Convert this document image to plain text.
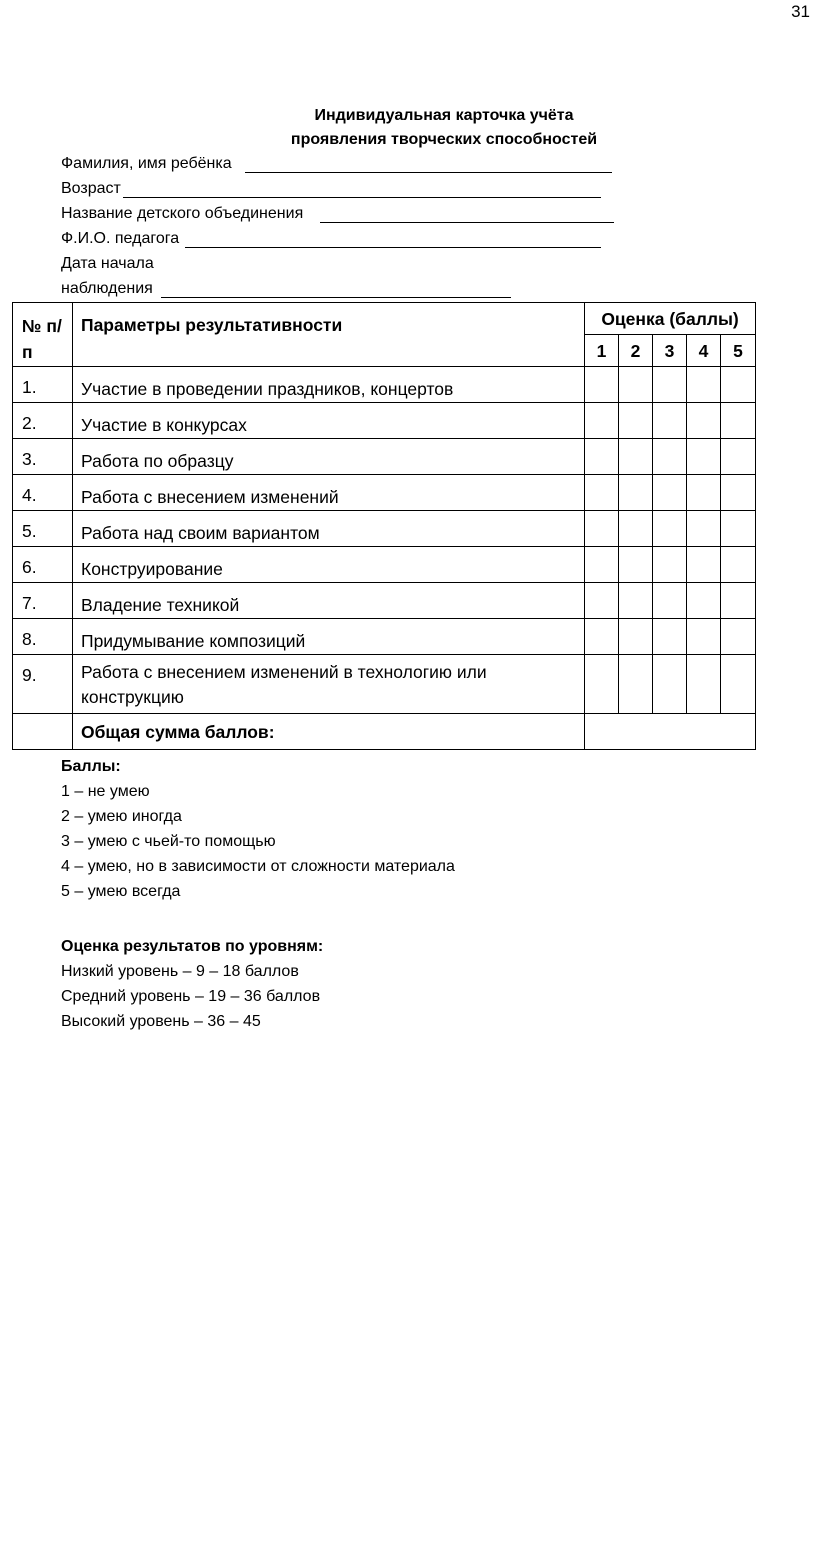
31
Индивидуальная карточка учёта
проявления творческих способностей
Фамилия, имя ребёнка
Возраст
Название детского объединения
Ф.И.О. педагога
Дата начала
наблюдения
№ п/п	Параметры результативности	Оценка (баллы)				
		1	2	3	4	5
1.	Участие в проведении праздников, концертов					
2.	Участие в конкурсах					
3.	Работа по образцу					
4.	Работа с внесением изменений					
5.	Работа над своим вариантом					
6.	Конструирование					
7.	Владение техникой					
8.	Придумывание композиций					
9.	Работа с внесением изменений в технологию или конструкцию					
	Общая сумма баллов:					
Баллы:
1 – не умею
2 – умею иногда
3 – умею с чьей-то помощью
4 – умею, но в зависимости от сложности материала
5 – умею всегда
Оценка результатов по уровням:
Низкий уровень – 9 – 18 баллов
Средний уровень – 19 – 36 баллов
Высокий уровень – 36 – 45
